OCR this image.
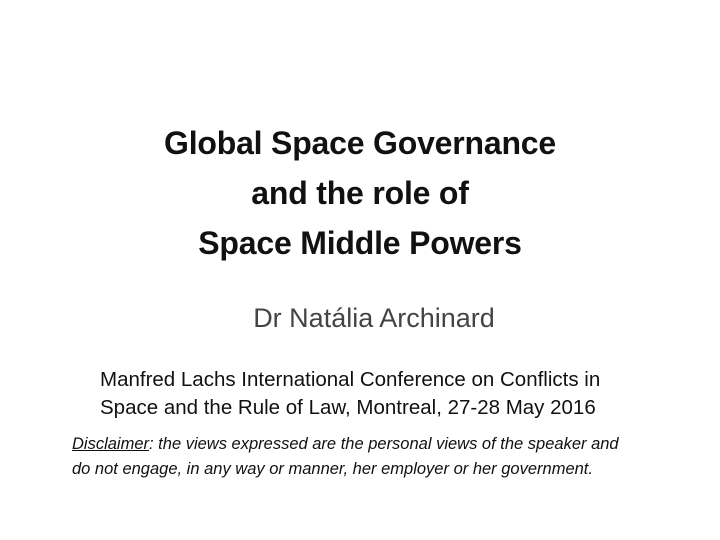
Global Space Governance
and the role of
Space Middle Powers
Dr Natália Archinard
Manfred Lachs International Conference on Conflicts in
Space and the Rule of Law, Montreal, 27-28 May 2016
Disclaimer: the views expressed are the personal views of the speaker and
do not engage, in any way or manner, her employer or her government.
